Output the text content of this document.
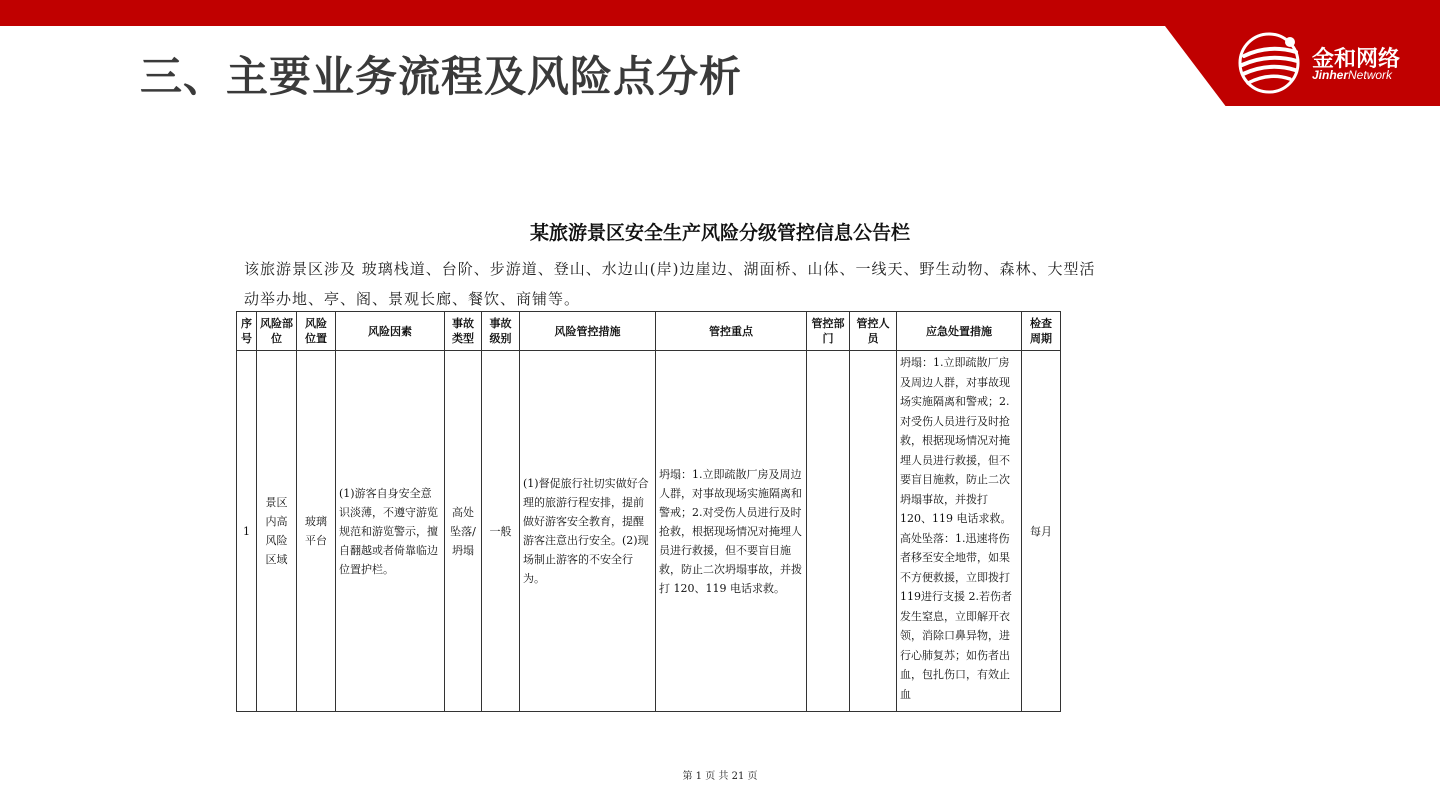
金和网络
JinherNetwork
三、主要业务流程及风险点分析
某旅游景区安全生产风险分级管控信息公告栏
该旅游景区涉及 玻璃栈道、台阶、步游道、登山、水边山(岸)边崖边、湖面桥、山体、一线天、野生动物、森林、大型活动举办地、亭、阁、景观长廊、餐饮、商铺等。
序号	风险部位	风险位置	风险因素	事故类型	事故级别	风险管控措施	管控重点	管控部门	管控人员	应急处置措施	检查周期
1	景区内高风险区域	玻璃平台	(1)游客自身安全意识淡薄，不遵守游览规范和游览警示，擅自翻越或者倚靠临边位置护栏。	高处坠落/坍塌	一般	(1)督促旅行社切实做好合理的旅游行程安排，提前做好游客安全教育，提醒游客注意出行安全。(2)现场制止游客的不安全行为。	坍塌：1.立即疏散厂房及周边人群，对事故现场实施隔离和警戒；2.对受伤人员进行及时抢救，根据现场情况对掩埋人员进行救援，但不要盲目施救，防止二次坍塌事故，并拨打 120、119 电话求救。			坍塌：1.立即疏散厂房及周边人群，对事故现场实施隔离和警戒；2.对受伤人员进行及时抢救，根据现场情况对掩埋人员进行救援，但不要盲目施救，防止二次坍塌事故，并拨打 120、119 电话求救。高处坠落：1.迅速将伤者移至安全地带，如果不方便救援，立即拨打119进行支援 2.若伤者发生窒息，立即解开衣领，消除口鼻异物，进行心肺复苏；如伤者出血，包扎伤口，有效止血	每月
第 1 页 共 21 页
